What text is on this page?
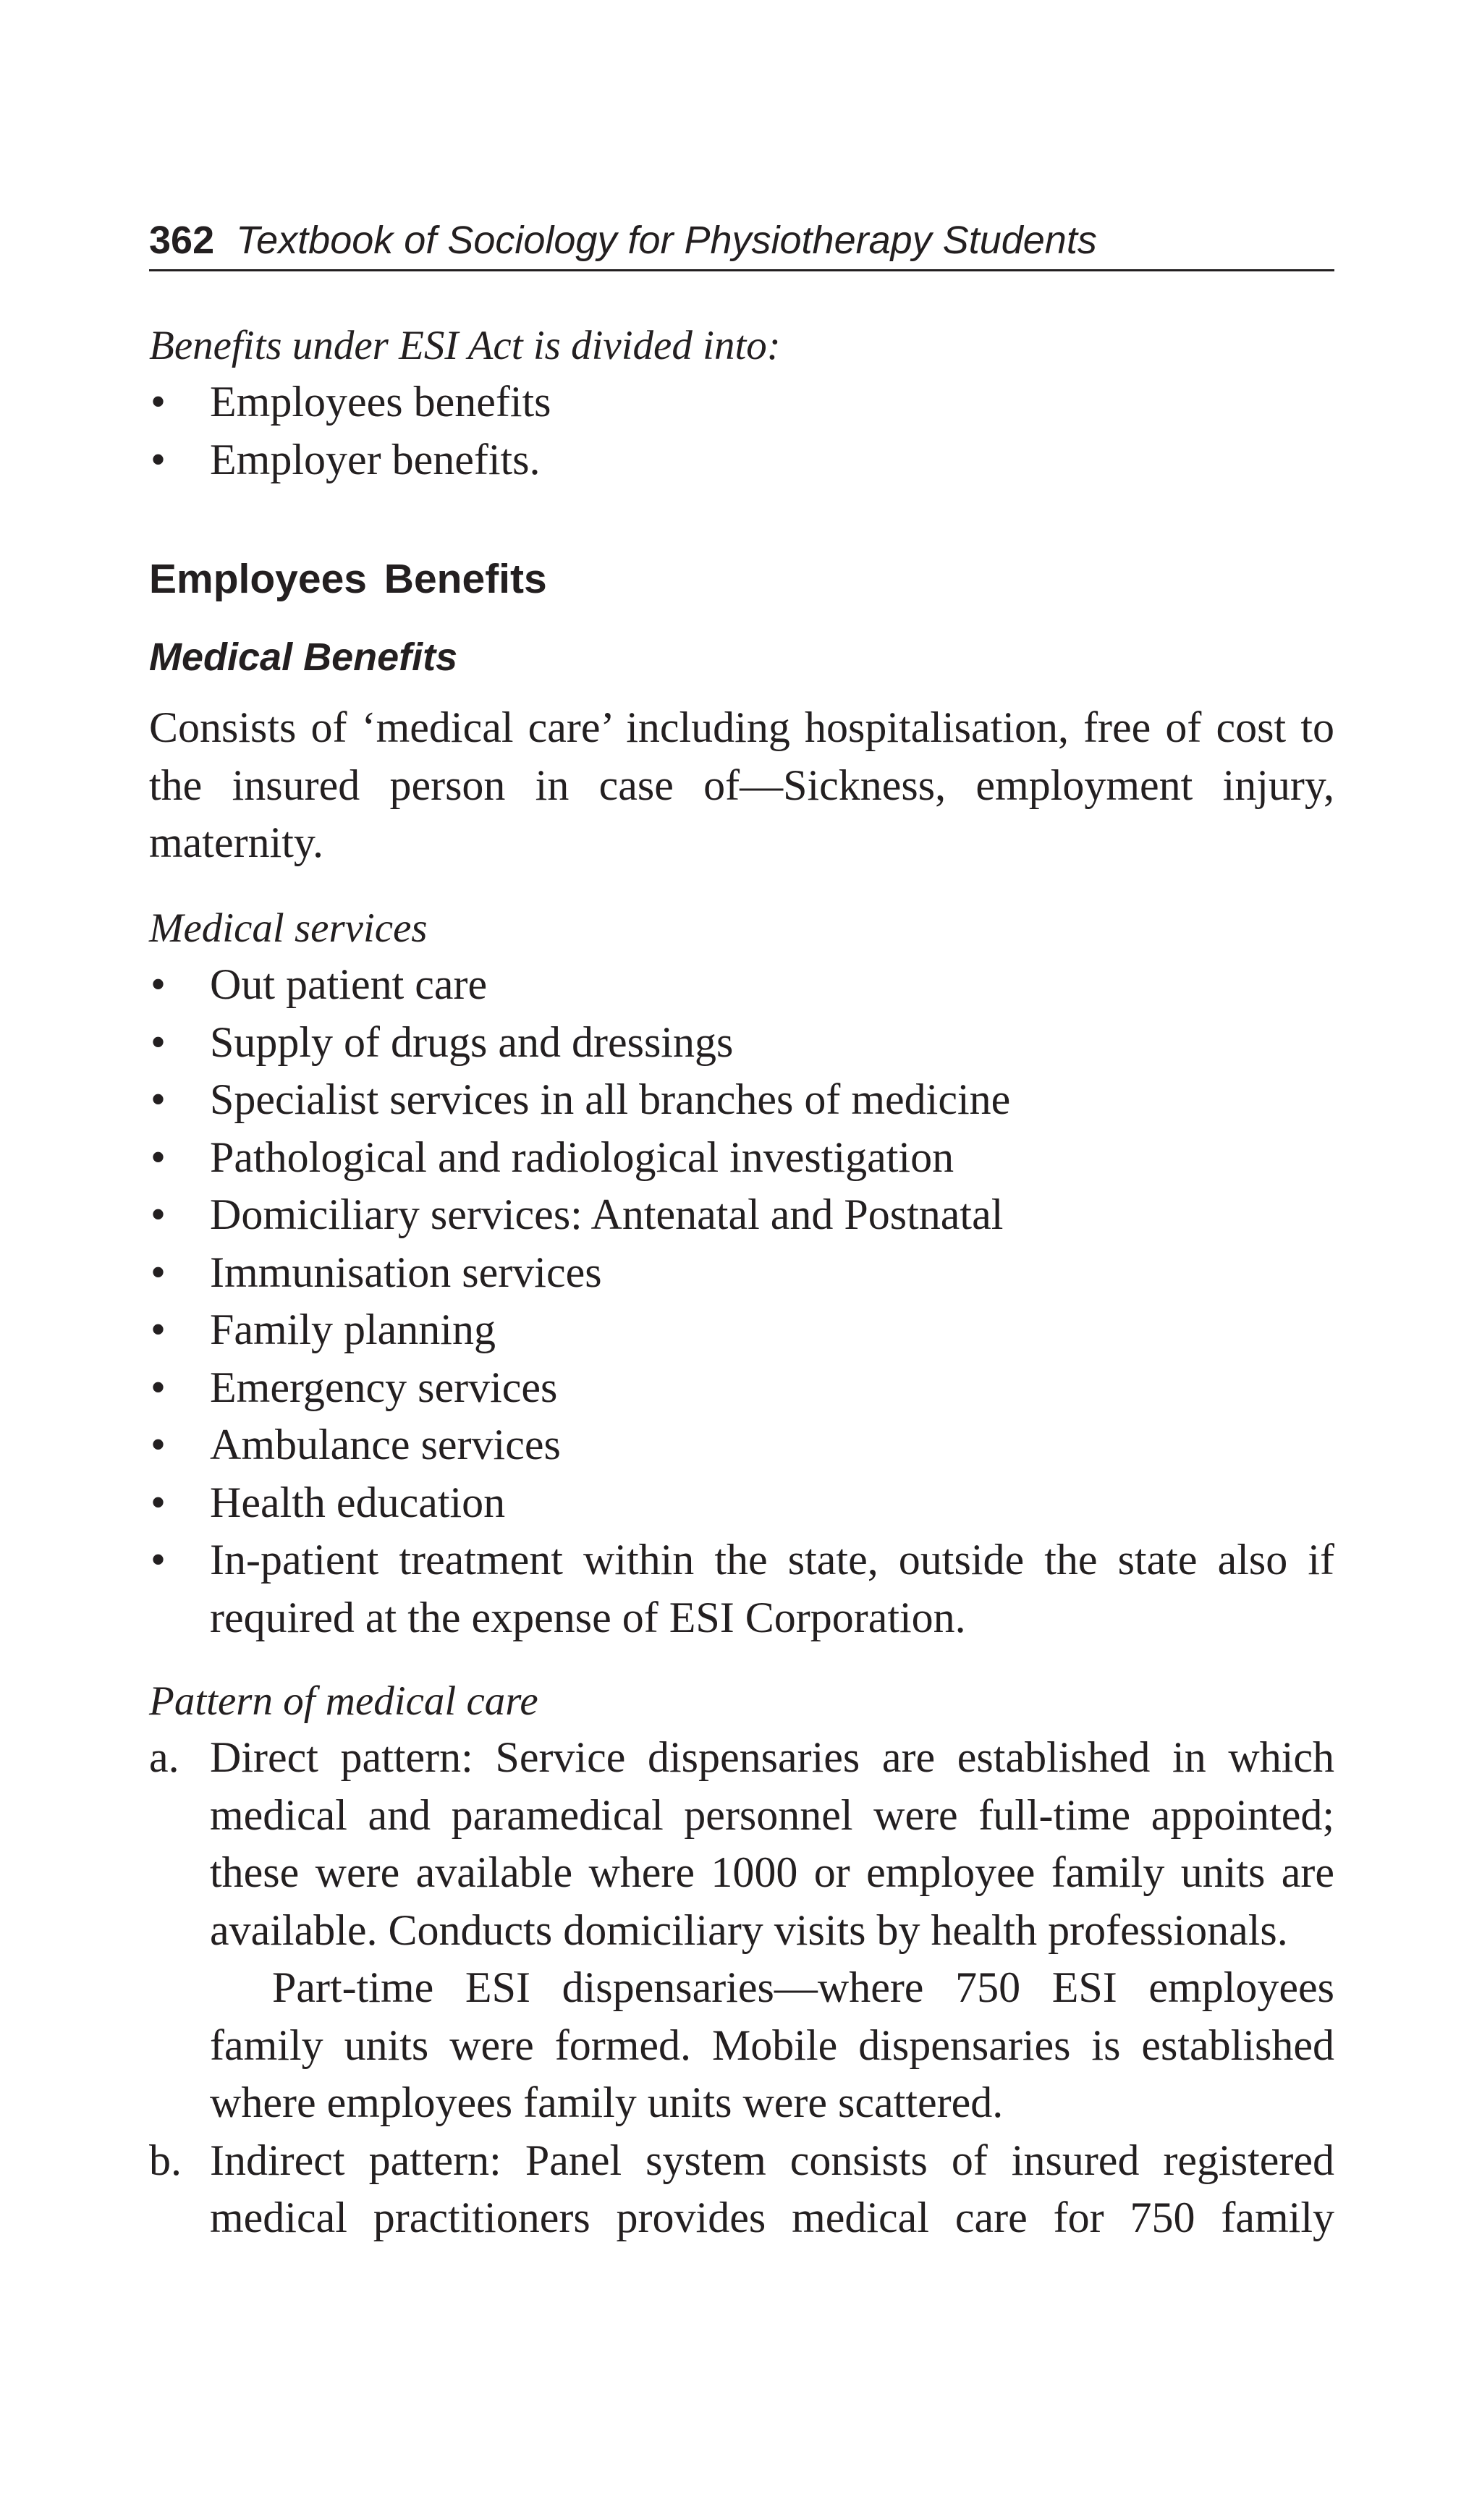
362 Textbook of Sociology for Physiotherapy Students

Benefits under ESI Act is divided into:

•	Employees benefits
•	Employer benefits.
Employees Benefits
Medical Benefits

Consists of ‘medical care’ including hospitalisation, free of cost to the insured person in case of—Sickness, employment injury, maternity.

Medical services

•	Out patient care
•	Supply of drugs and dressings
•	Specialist services in all branches of medicine
•	Pathological and radiological investigation
•	Domiciliary services: Antenatal and Postnatal
•	Immunisation services
•	Family planning
•	Emergency services
•	Ambulance services
•	Health education
•	In-patient treatment within the state, outside the state also if required at the expense of ESI Corporation.

Pattern of medical care

a. Direct pattern: Service dispensaries are established in which medical and paramedical personnel were full-time appointed; these were available where 1000 or employee family units are available. Conducts domiciliary visits by health professionals.
Part-time ESI dispensaries—where 750 ESI employees family units were formed. Mobile dispensaries is established where employees family units were scattered.
b. Indirect pattern: Panel system consists of insured registered medical practitioners provides medical care for 750 family
